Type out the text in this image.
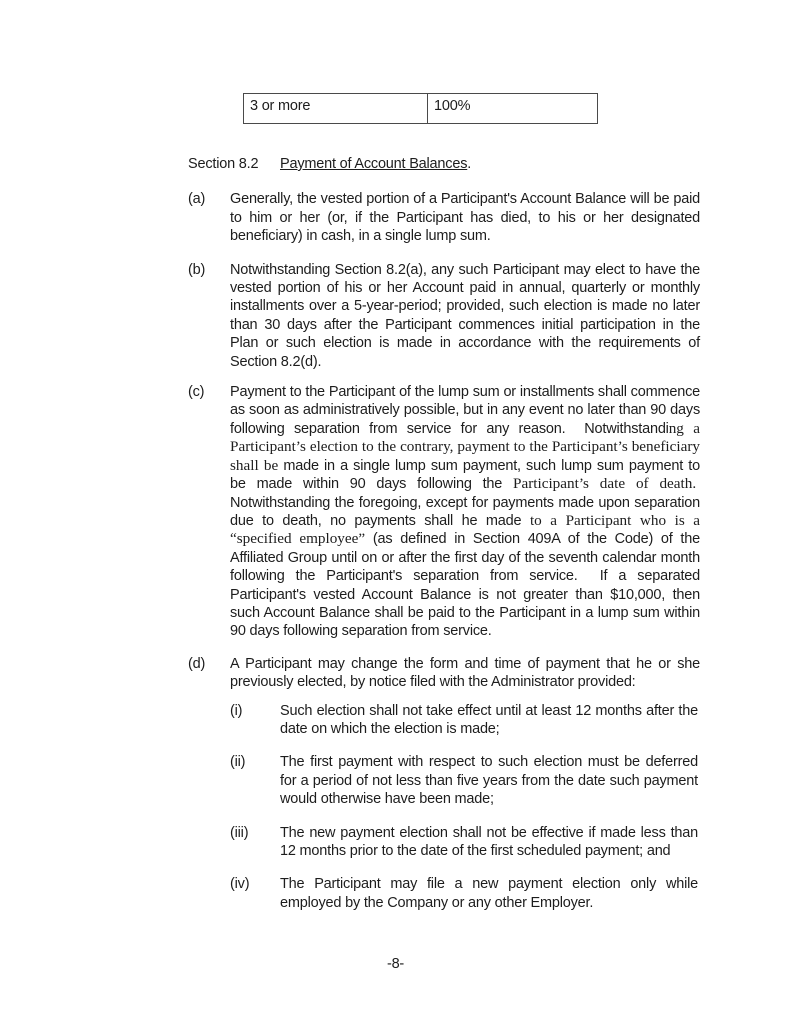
3 or more	100%
Section 8.2 Payment of Account Balances.
(a)	Generally, the vested portion of a Participant's Account Balance will be paid to him or her (or, if the Participant has died, to his or her designated beneficiary) in cash, in a single lump sum.
(b)	Notwithstanding Section 8.2(a), any such Participant may elect to have the vested portion of his or her Account paid in annual, quarterly or monthly installments over a 5-year-period; provided, such election is made no later than 30 days after the Participant commences initial participation in the Plan or such election is made in accordance with the requirements of Section 8.2(d).
(c)	Payment to the Participant of the lump sum or installments shall commence as soon as administratively possible, but in any event no later than 90 days following separation from service for any reason.  Notwithstanding a Participant’s election to the contrary, payment to the Participant’s beneficiary shall be made in a single lump sum payment, such lump sum payment to be made within 90 days following the Participant’s date of death.  Notwithstanding the foregoing, except for payments made upon separation due to death, no payments shall he made to a Participant who is a “specified employee” (as defined in Section 409A of the Code) of the Affiliated Group until on or after the first day of the seventh calendar month following the Participant's separation from service.  If a separated Participant's vested Account Balance is not greater than $10,000, then such Account Balance shall be paid to the Participant in a lump sum within 90 days following separation from service.
(d)	A Participant may change the form and time of payment that he or she previously elected, by notice filed with the Administrator provided:
(i)	Such election shall not take effect until at least 12 months after the date on which the election is made;
(ii)	The first payment with respect to such election must be deferred for a period of not less than five years from the date such payment would otherwise have been made;
(iii)	The new payment election shall not be effective if made less than 12 months prior to the date of the first scheduled payment; and
(iv)	The Participant may file a new payment election only while employed by the Company or any other Employer.
-8-
